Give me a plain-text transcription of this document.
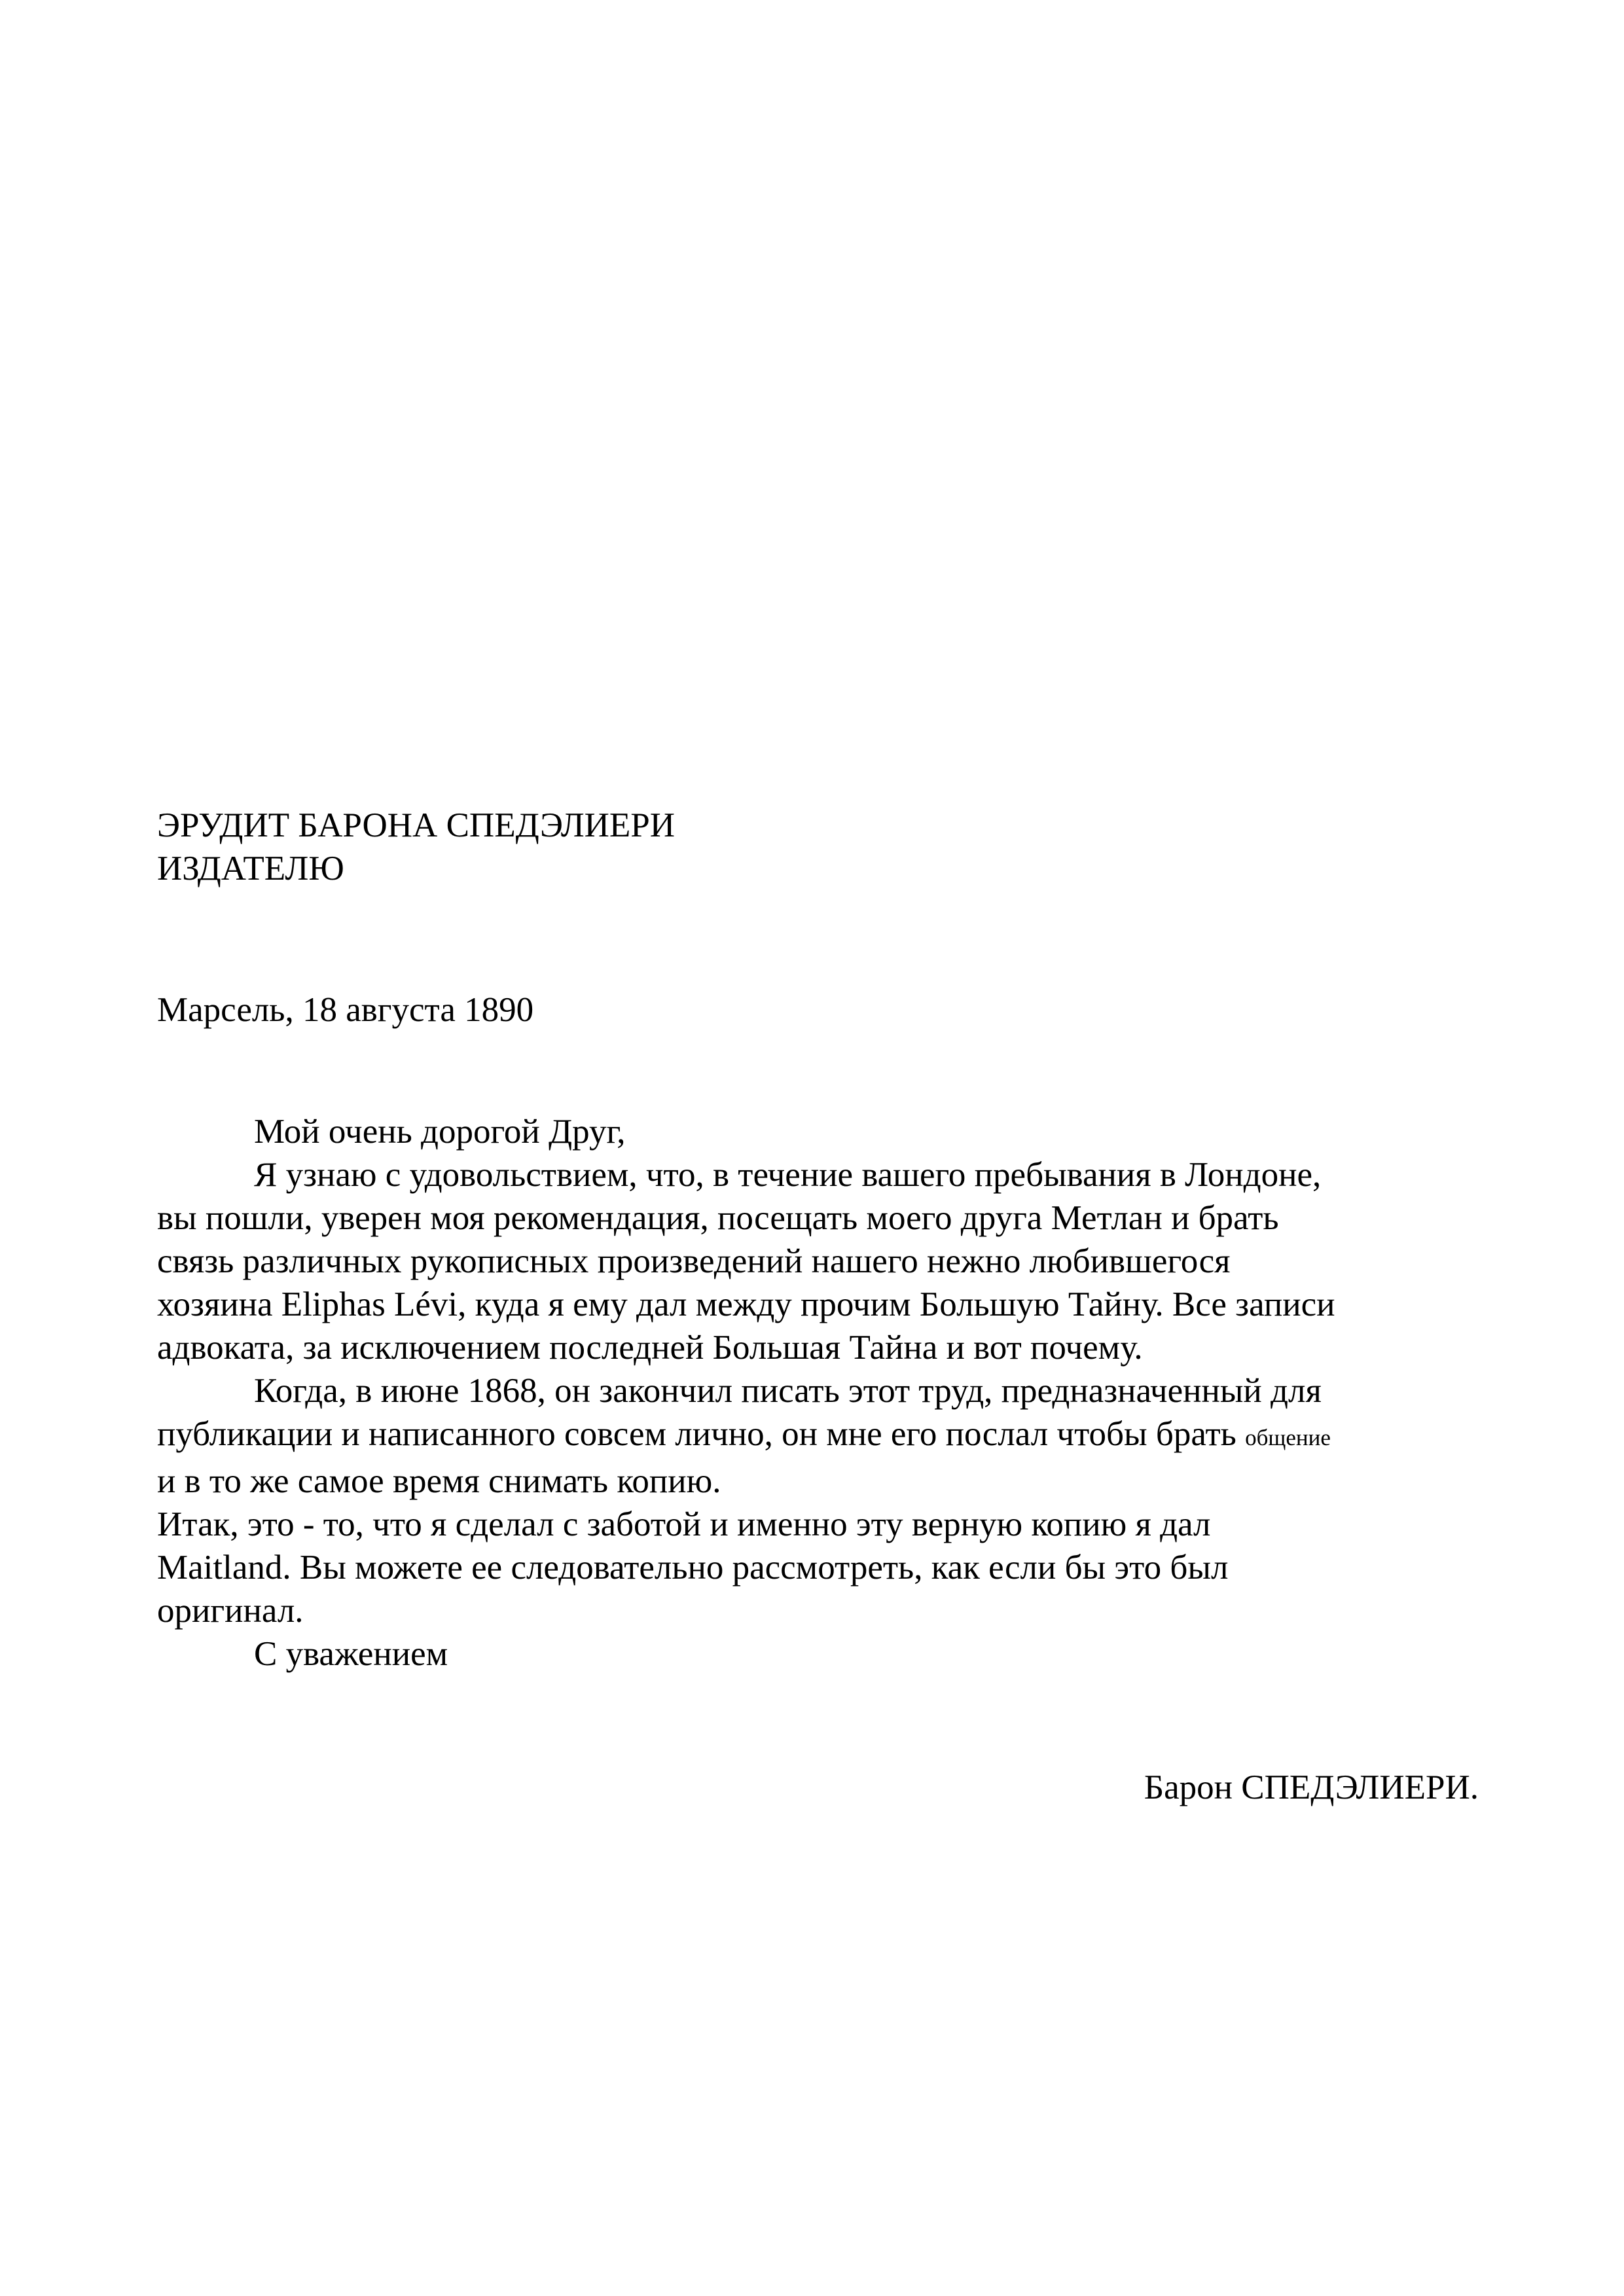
ЭРУДИТ БАРОНА СПЕДЭЛИЕРИ
ИЗДАТЕЛЮ
Марсель, 18 августа 1890
Мой очень дорогой Друг,
Я узнаю с удовольствием, что, в течение вашего пребывания в Лондоне,
вы пошли, уверен моя рекомендация, посещать моего друга Метлан и брать
связь различных рукописных произведений нашего нежно любившегося
хозяина Eliphas Lévi, куда я ему дал между прочим Большую Тайну. Все записи
адвоката, за исключением последней Большая Тайна и вот почему.
Когда, в июне 1868, он закончил писать этот труд, предназначенный для
публикации и написанного совсем лично, он мне его послал чтобы брать общение
и в то же самое время снимать копию.
Итак, это - то, что я сделал с заботой и именно эту верную копию я дал
Maitland. Вы можете ее следовательно рассмотреть, как если бы это был
оригинал.
С уважением
Барон СПЕДЭЛИЕРИ.
